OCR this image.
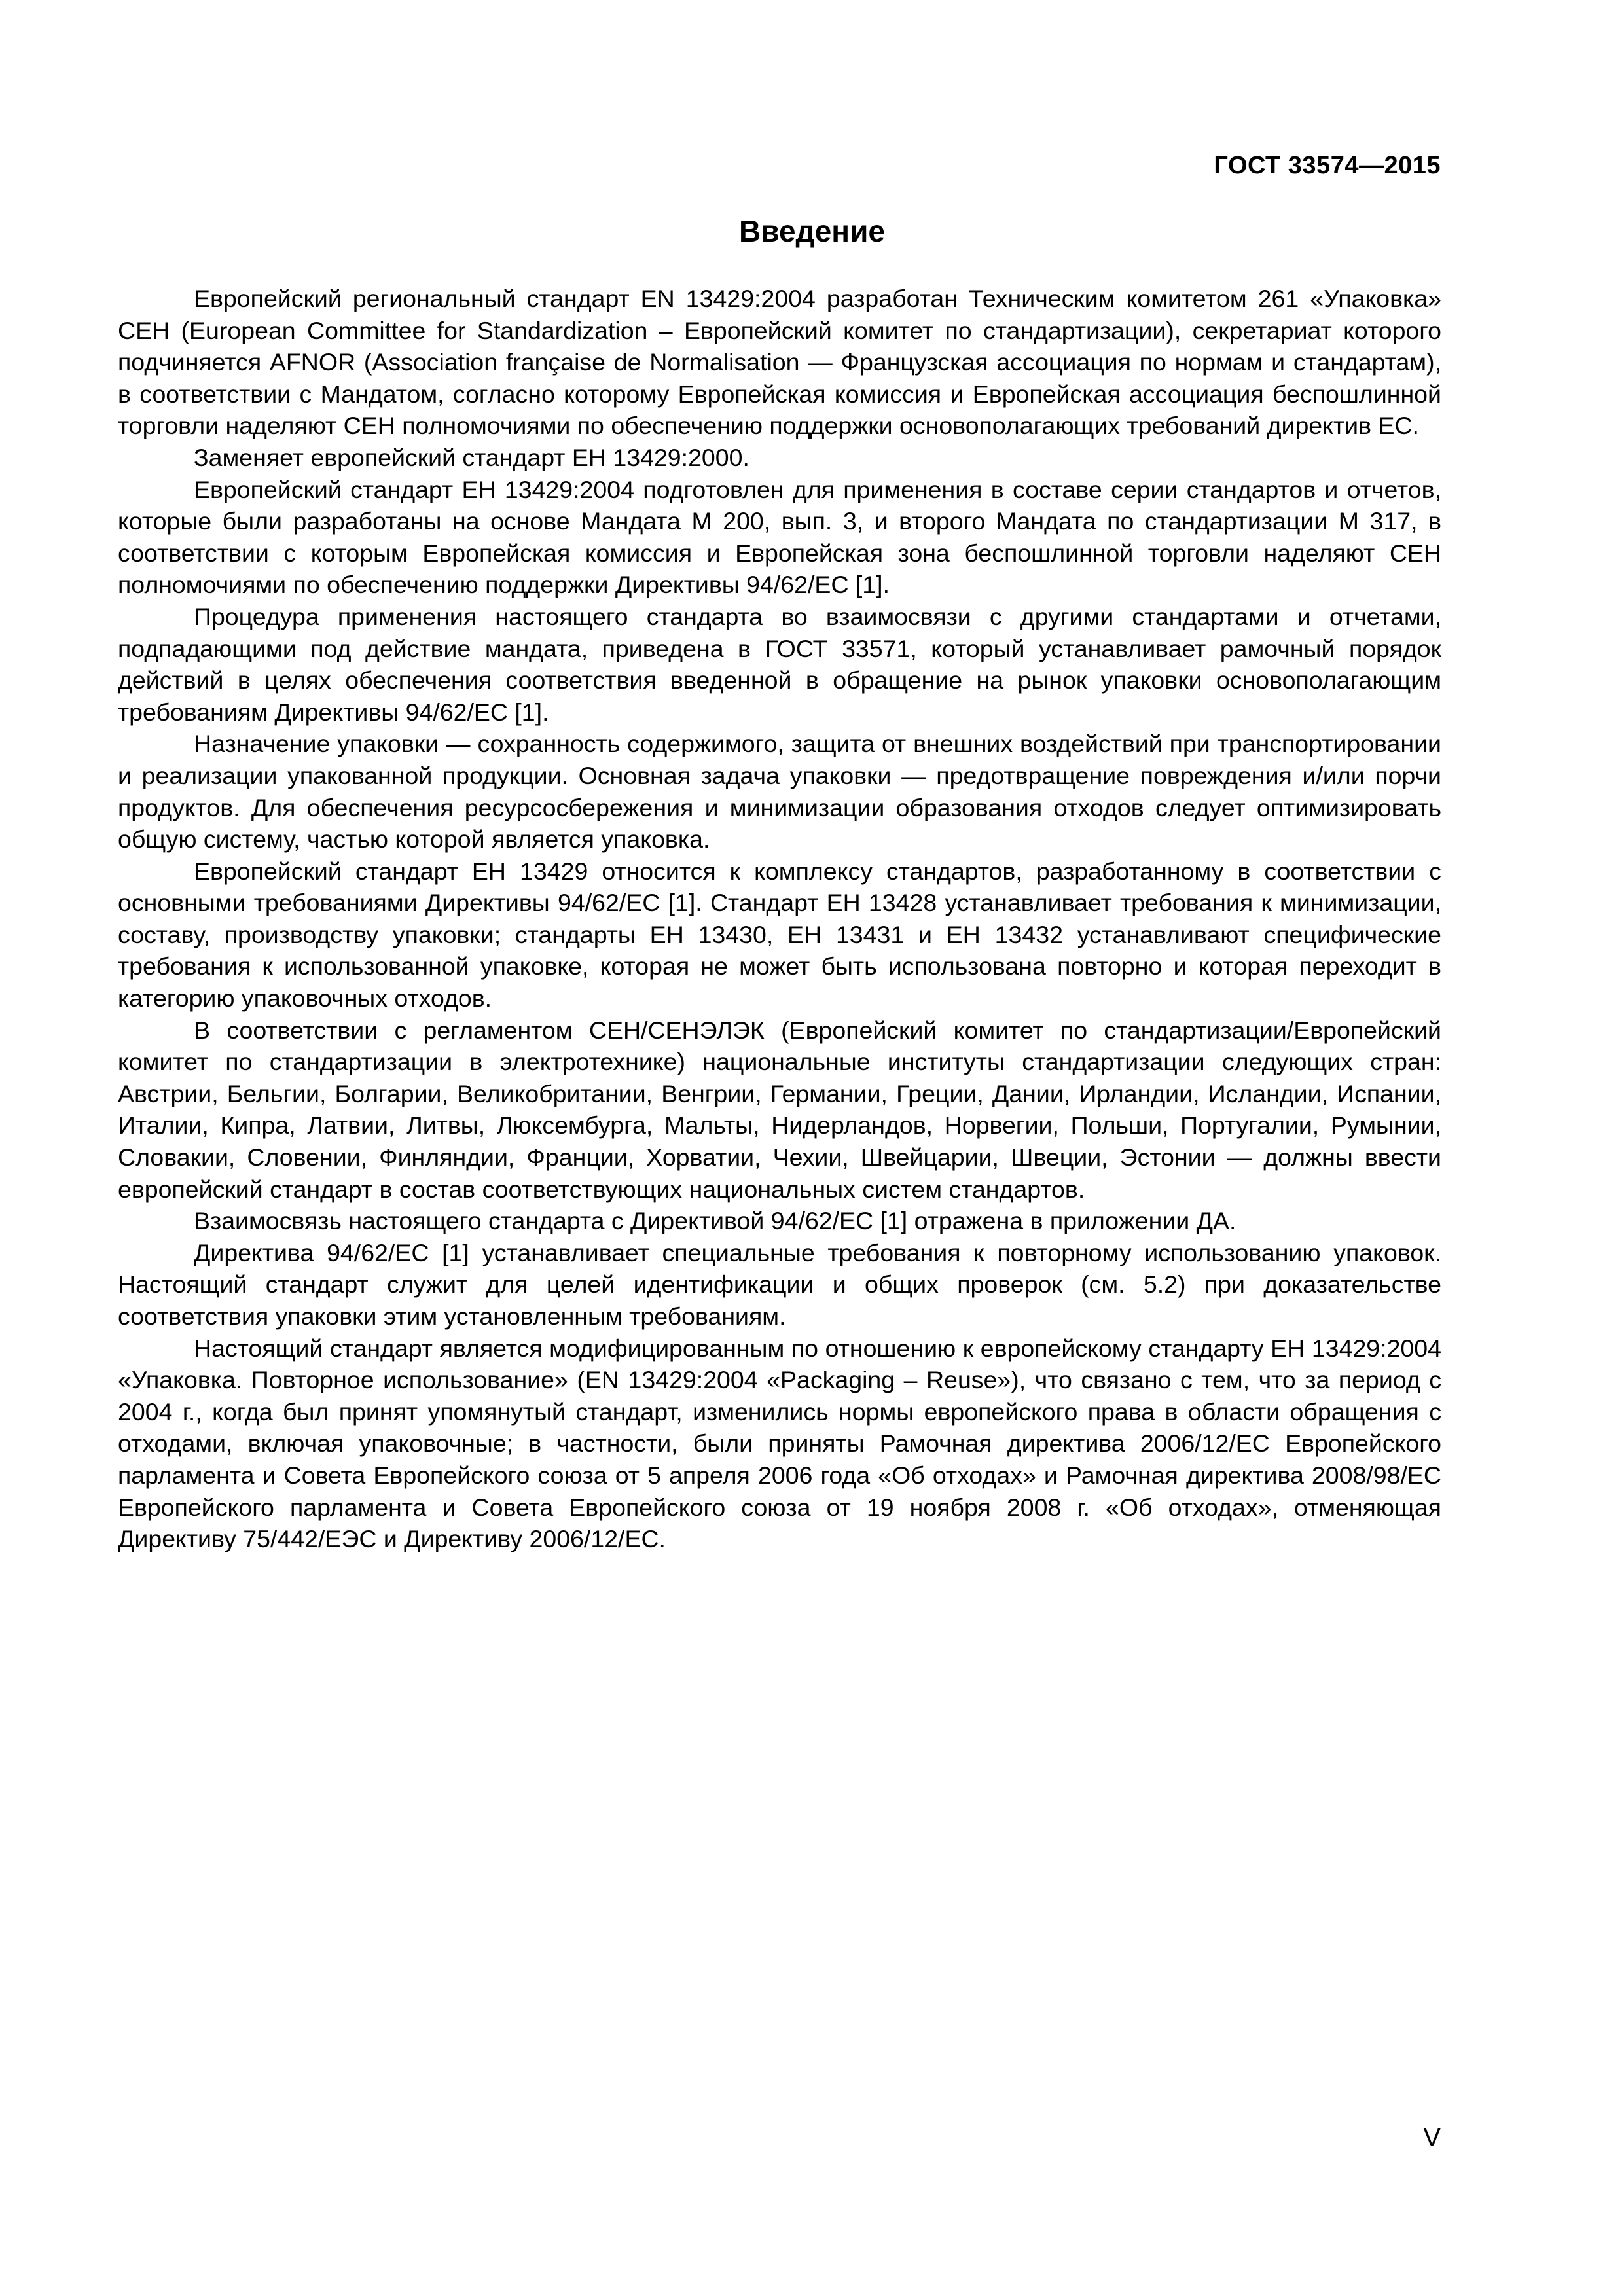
ГОСТ 33574—2015
Введение

Европейский региональный стандарт EN 13429:2004 разработан Техническим комитетом 261 «Упаковка» СЕН (European Committee for Standardization – Европейский комитет по стандартизации), секретариат которого подчиняется AFNOR (Association française de Normalisation — Французская ассоциация по нормам и стандартам), в соответствии с Мандатом, согласно которому Европейская комиссия и Европейская ассоциация беспошлинной торговли наделяют СЕН полномочиями по обеспечению поддержки основополагающих требований директив ЕС.

Заменяет европейский стандарт ЕН 13429:2000.

Европейский стандарт ЕН 13429:2004 подготовлен для применения в составе серии стандартов и отчетов, которые были разработаны на основе Мандата М 200, вып. 3, и второго Мандата по стандартизации М 317, в соответствии с которым Европейская комиссия и Европейская зона беспошлинной торговли наделяют СЕН полномочиями по обеспечению поддержки Директивы 94/62/ЕС [1].

Процедура применения настоящего стандарта во взаимосвязи с другими стандартами и отчетами, подпадающими под действие мандата, приведена в ГОСТ 33571, который устанавливает рамочный порядок действий в целях обеспечения соответствия введенной в обращение на рынок упаковки основополагающим требованиям Директивы 94/62/ЕС [1].

Назначение упаковки — сохранность содержимого, защита от внешних воздействий при транспортировании и реализации упакованной продукции. Основная задача упаковки — предотвращение повреждения и/или порчи продуктов. Для обеспечения ресурсосбережения и минимизации образования отходов следует оптимизировать общую систему, частью которой является упаковка.

Европейский стандарт ЕН 13429 относится к комплексу стандартов, разработанному в соответствии с основными требованиями Директивы 94/62/ЕС [1]. Стандарт ЕН 13428 устанавливает требования к минимизации, составу, производству упаковки; стандарты ЕН 13430, ЕН 13431 и ЕН 13432 устанавливают специфические требования к использованной упаковке, которая не может быть использована повторно и которая переходит в категорию упаковочных отходов.

В соответствии с регламентом СЕН/СЕНЭЛЭК (Европейский комитет по стандартизации/Европейский комитет по стандартизации в электротехнике) национальные институты стандартизации следующих стран: Австрии, Бельгии, Болгарии, Великобритании, Венгрии, Германии, Греции, Дании, Ирландии, Исландии, Испании, Италии, Кипра, Латвии, Литвы, Люксембурга, Мальты, Нидерландов, Норвегии, Польши, Португалии, Румынии, Словакии, Словении, Финляндии, Франции, Хорватии, Чехии, Швейцарии, Швеции, Эстонии — должны ввести европейский стандарт в состав соответствующих национальных систем стандартов.

Взаимосвязь настоящего стандарта с Директивой 94/62/ЕС [1] отражена в приложении ДА.

Директива 94/62/ЕС [1] устанавливает специальные требования к повторному использованию упаковок. Настоящий стандарт служит для целей идентификации и общих проверок (см. 5.2) при доказательстве соответствия упаковки этим установленным требованиям.

Настоящий стандарт является модифицированным по отношению к европейскому стандарту ЕН 13429:2004 «Упаковка. Повторное использование» (EN 13429:2004 «Packaging – Reuse»), что связано с тем, что за период с 2004 г., когда был принят упомянутый стандарт, изменились нормы европейского права в области обращения с отходами, включая упаковочные; в частности, были приняты Рамочная директива 2006/12/ЕС Европейского парламента и Совета Европейского союза от 5 апреля 2006 года «Об отходах» и Рамочная директива 2008/98/ЕС Европейского парламента и Совета Европейского союза от 19 ноября 2008 г. «Об отходах», отменяющая Директиву 75/442/ЕЭС и Директиву 2006/12/ЕС.

V
